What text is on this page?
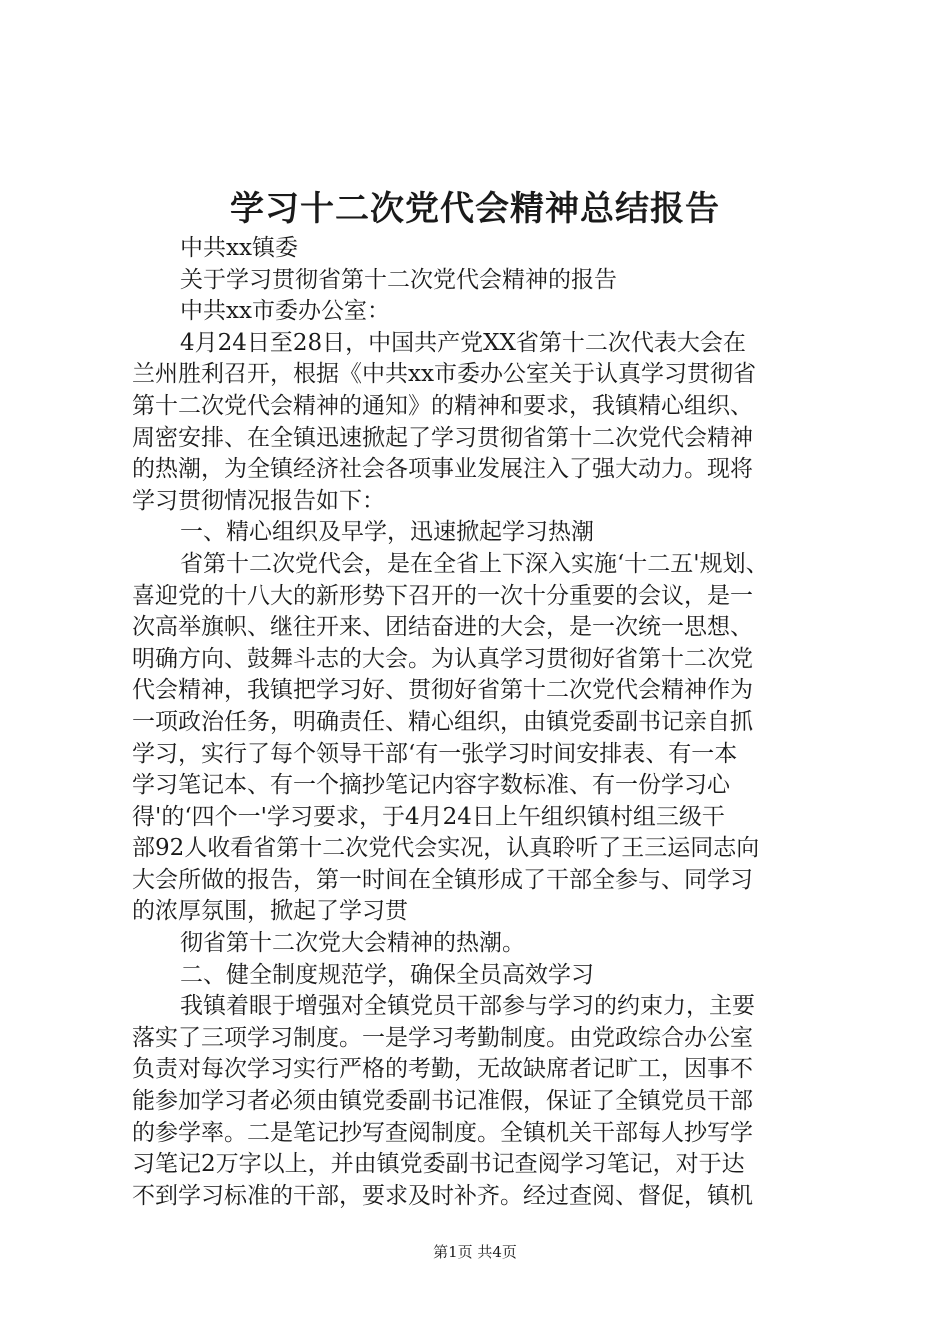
学习十二次党代会精神总结报告

中共xx镇委

关于学习贯彻省第十二次党代会精神的报告

中共xx市委办公室：

4月24日至28日，中国共产党XX省第十二次代表大会在

兰州胜利召开，根据《中共xx市委办公室关于认真学习贯彻省

第十二次党代会精神的通知》的精神和要求，我镇精心组织、

周密安排、在全镇迅速掀起了学习贯彻省第十二次党代会精神

的热潮，为全镇经济社会各项事业发展注入了强大动力。现将

学习贯彻情况报告如下：

一、精心组织及早学，迅速掀起学习热潮

省第十二次党代会，是在全省上下深入实施‘十二五'规划、

喜迎党的十八大的新形势下召开的一次十分重要的会议，是一

次高举旗帜、继往开来、团结奋进的大会，是一次统一思想、

明确方向、鼓舞斗志的大会。为认真学习贯彻好省第十二次党

代会精神，我镇把学习好、贯彻好省第十二次党代会精神作为

一项政治任务，明确责任、精心组织，由镇党委副书记亲自抓

学习，实行了每个领导干部‘有一张学习时间安排表、有一本

学习笔记本、有一个摘抄笔记内容字数标准、有一份学习心

得'的‘四个一'学习要求，于4月24日上午组织镇村组三级干

部92人收看省第十二次党代会实况，认真聆听了王三运同志向

大会所做的报告，第一时间在全镇形成了干部全参与、同学习

的浓厚氛围，掀起了学习贯

彻省第十二次党大会精神的热潮。

二、健全制度规范学，确保全员高效学习

我镇着眼于增强对全镇党员干部参与学习的约束力，主要

落实了三项学习制度。一是学习考勤制度。由党政综合办公室

负责对每次学习实行严格的考勤，无故缺席者记旷工，因事不

能参加学习者必须由镇党委副书记准假，保证了全镇党员干部

的参学率。二是笔记抄写查阅制度。全镇机关干部每人抄写学

习笔记2万字以上，并由镇党委副书记查阅学习笔记，对于达

不到学习标准的干部，要求及时补齐。经过查阅、督促，镇机

第1页 共4页
